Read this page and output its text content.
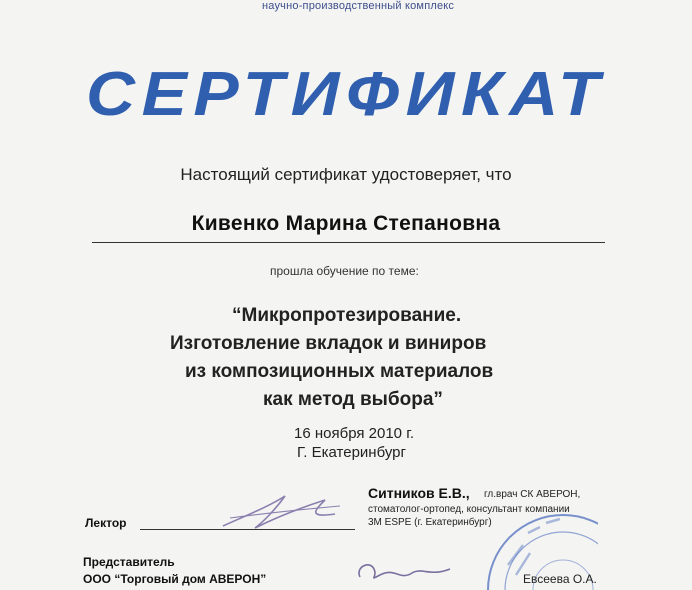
научно-производственный комплекс
СЕРТИФИКАТ
Настоящий сертификат удостоверяет, что
Кивенко Марина Степановна
прошла обучение по теме:
“Микропротезирование.
Изготовление вкладок и виниров
из композиционных материалов
как метод выбора”
16 ноября 2010 г.
Г. Екатеринбург
Ситников Е.В., гл.врач СК АВЕРОН,
стоматолог-ортопед, консультант компании
3М ESPE (г. Екатеринбург)
Лектор
Представитель
ООО “Торговый дом АВЕРОН”	Евсеева О.А.
